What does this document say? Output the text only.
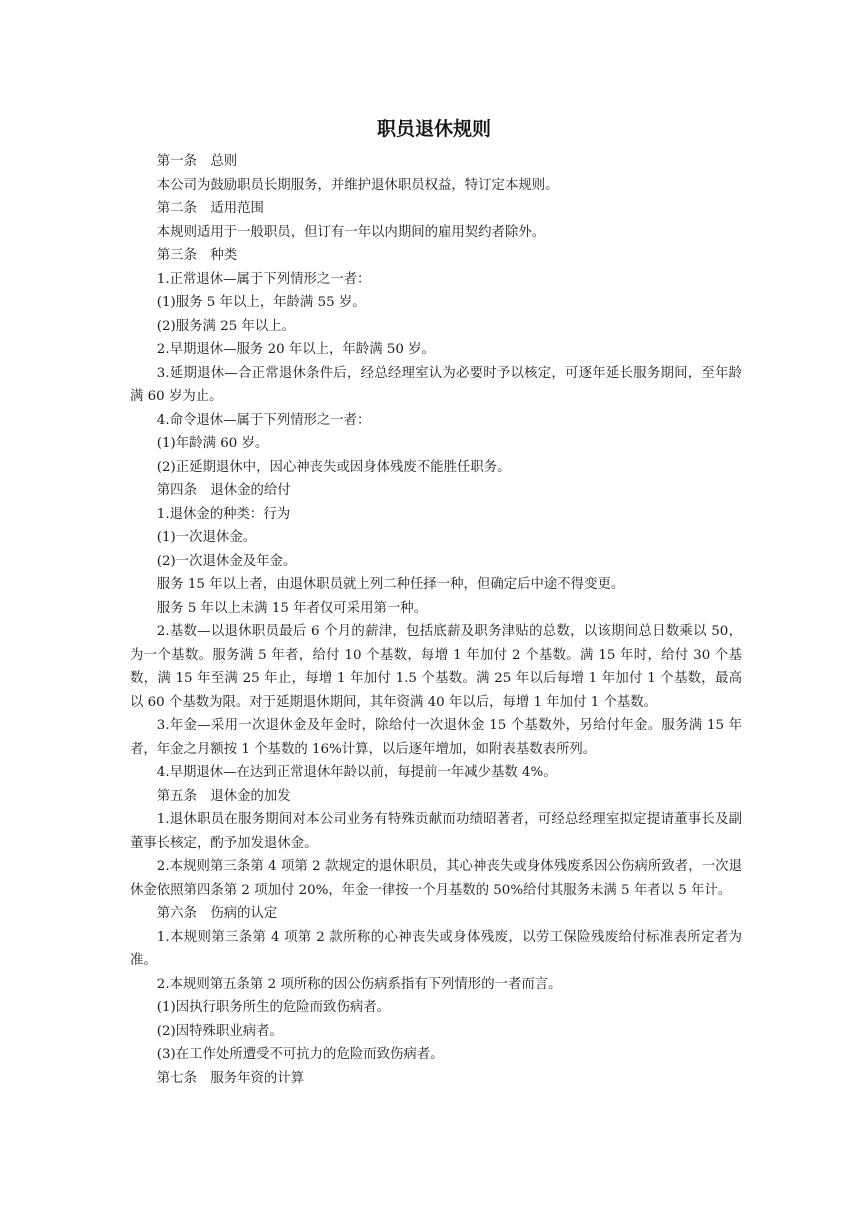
职员退休规则

第一条　总则

本公司为鼓励职员长期服务，并维护退休职员权益，特订定本规则。

第二条　适用范围

本规则适用于一般职员，但订有一年以内期间的雇用契约者除外。

第三条　种类

1.正常退休—属于下列情形之一者：

(1)服务 5 年以上，年龄满 55 岁。

(2)服务满 25 年以上。

2.早期退休—服务 20 年以上，年龄满 50 岁。

3.延期退休—合正常退休条件后，经总经理室认为必要时予以核定，可逐年延长服务期间，至年龄满 60 岁为止。

4.命令退休—属于下列情形之一者：

(1)年龄满 60 岁。

(2)正延期退休中，因心神丧失或因身体残废不能胜任职务。

第四条　退休金的给付

1.退休金的种类：行为

(1)一次退休金。

(2)一次退休金及年金。

服务 15 年以上者，由退休职员就上列二种任择一种，但确定后中途不得变更。

服务 5 年以上未满 15 年者仅可采用第一种。

2.基数—以退休职员最后 6 个月的薪津，包括底薪及职务津贴的总数，以该期间总日数乘以 50，为一个基数。服务满 5 年者，给付 10 个基数，每增 1 年加付 2 个基数。满 15 年时，给付 30 个基数，满 15 年至满 25 年止，每增 1 年加付 1.5 个基数。满 25 年以后每增 1 年加付 1 个基数，最高以 60 个基数为限。对于延期退休期间，其年资满 40 年以后，每增 1 年加付 1 个基数。

3.年金—采用一次退休金及年金时，除给付一次退休金 15 个基数外，另给付年金。服务满 15 年者，年金之月额按 1 个基数的 16%计算，以后逐年增加，如附表基数表所列。

4.早期退休—在达到正常退休年龄以前，每提前一年减少基数 4%。

第五条　退休金的加发

1.退休职员在服务期间对本公司业务有特殊贡献而功绩昭著者，可经总经理室拟定提请董事长及副董事长核定，酌予加发退休金。

2.本规则第三条第 4 项第 2 款规定的退休职员，其心神丧失或身体残废系因公伤病所致者，一次退休金依照第四条第 2 项加付 20%，年金一律按一个月基数的 50%给付其服务未满 5 年者以 5 年计。

第六条　伤病的认定

1.本规则第三条第 4 项第 2 款所称的心神丧失或身体残废，以劳工保险残废给付标准表所定者为准。

2.本规则第五条第 2 项所称的因公伤病系指有下列情形的一者而言。

(1)因执行职务所生的危险而致伤病者。

(2)因特殊职业病者。

(3)在工作处所遭受不可抗力的危险而致伤病者。

第七条　服务年资的计算
